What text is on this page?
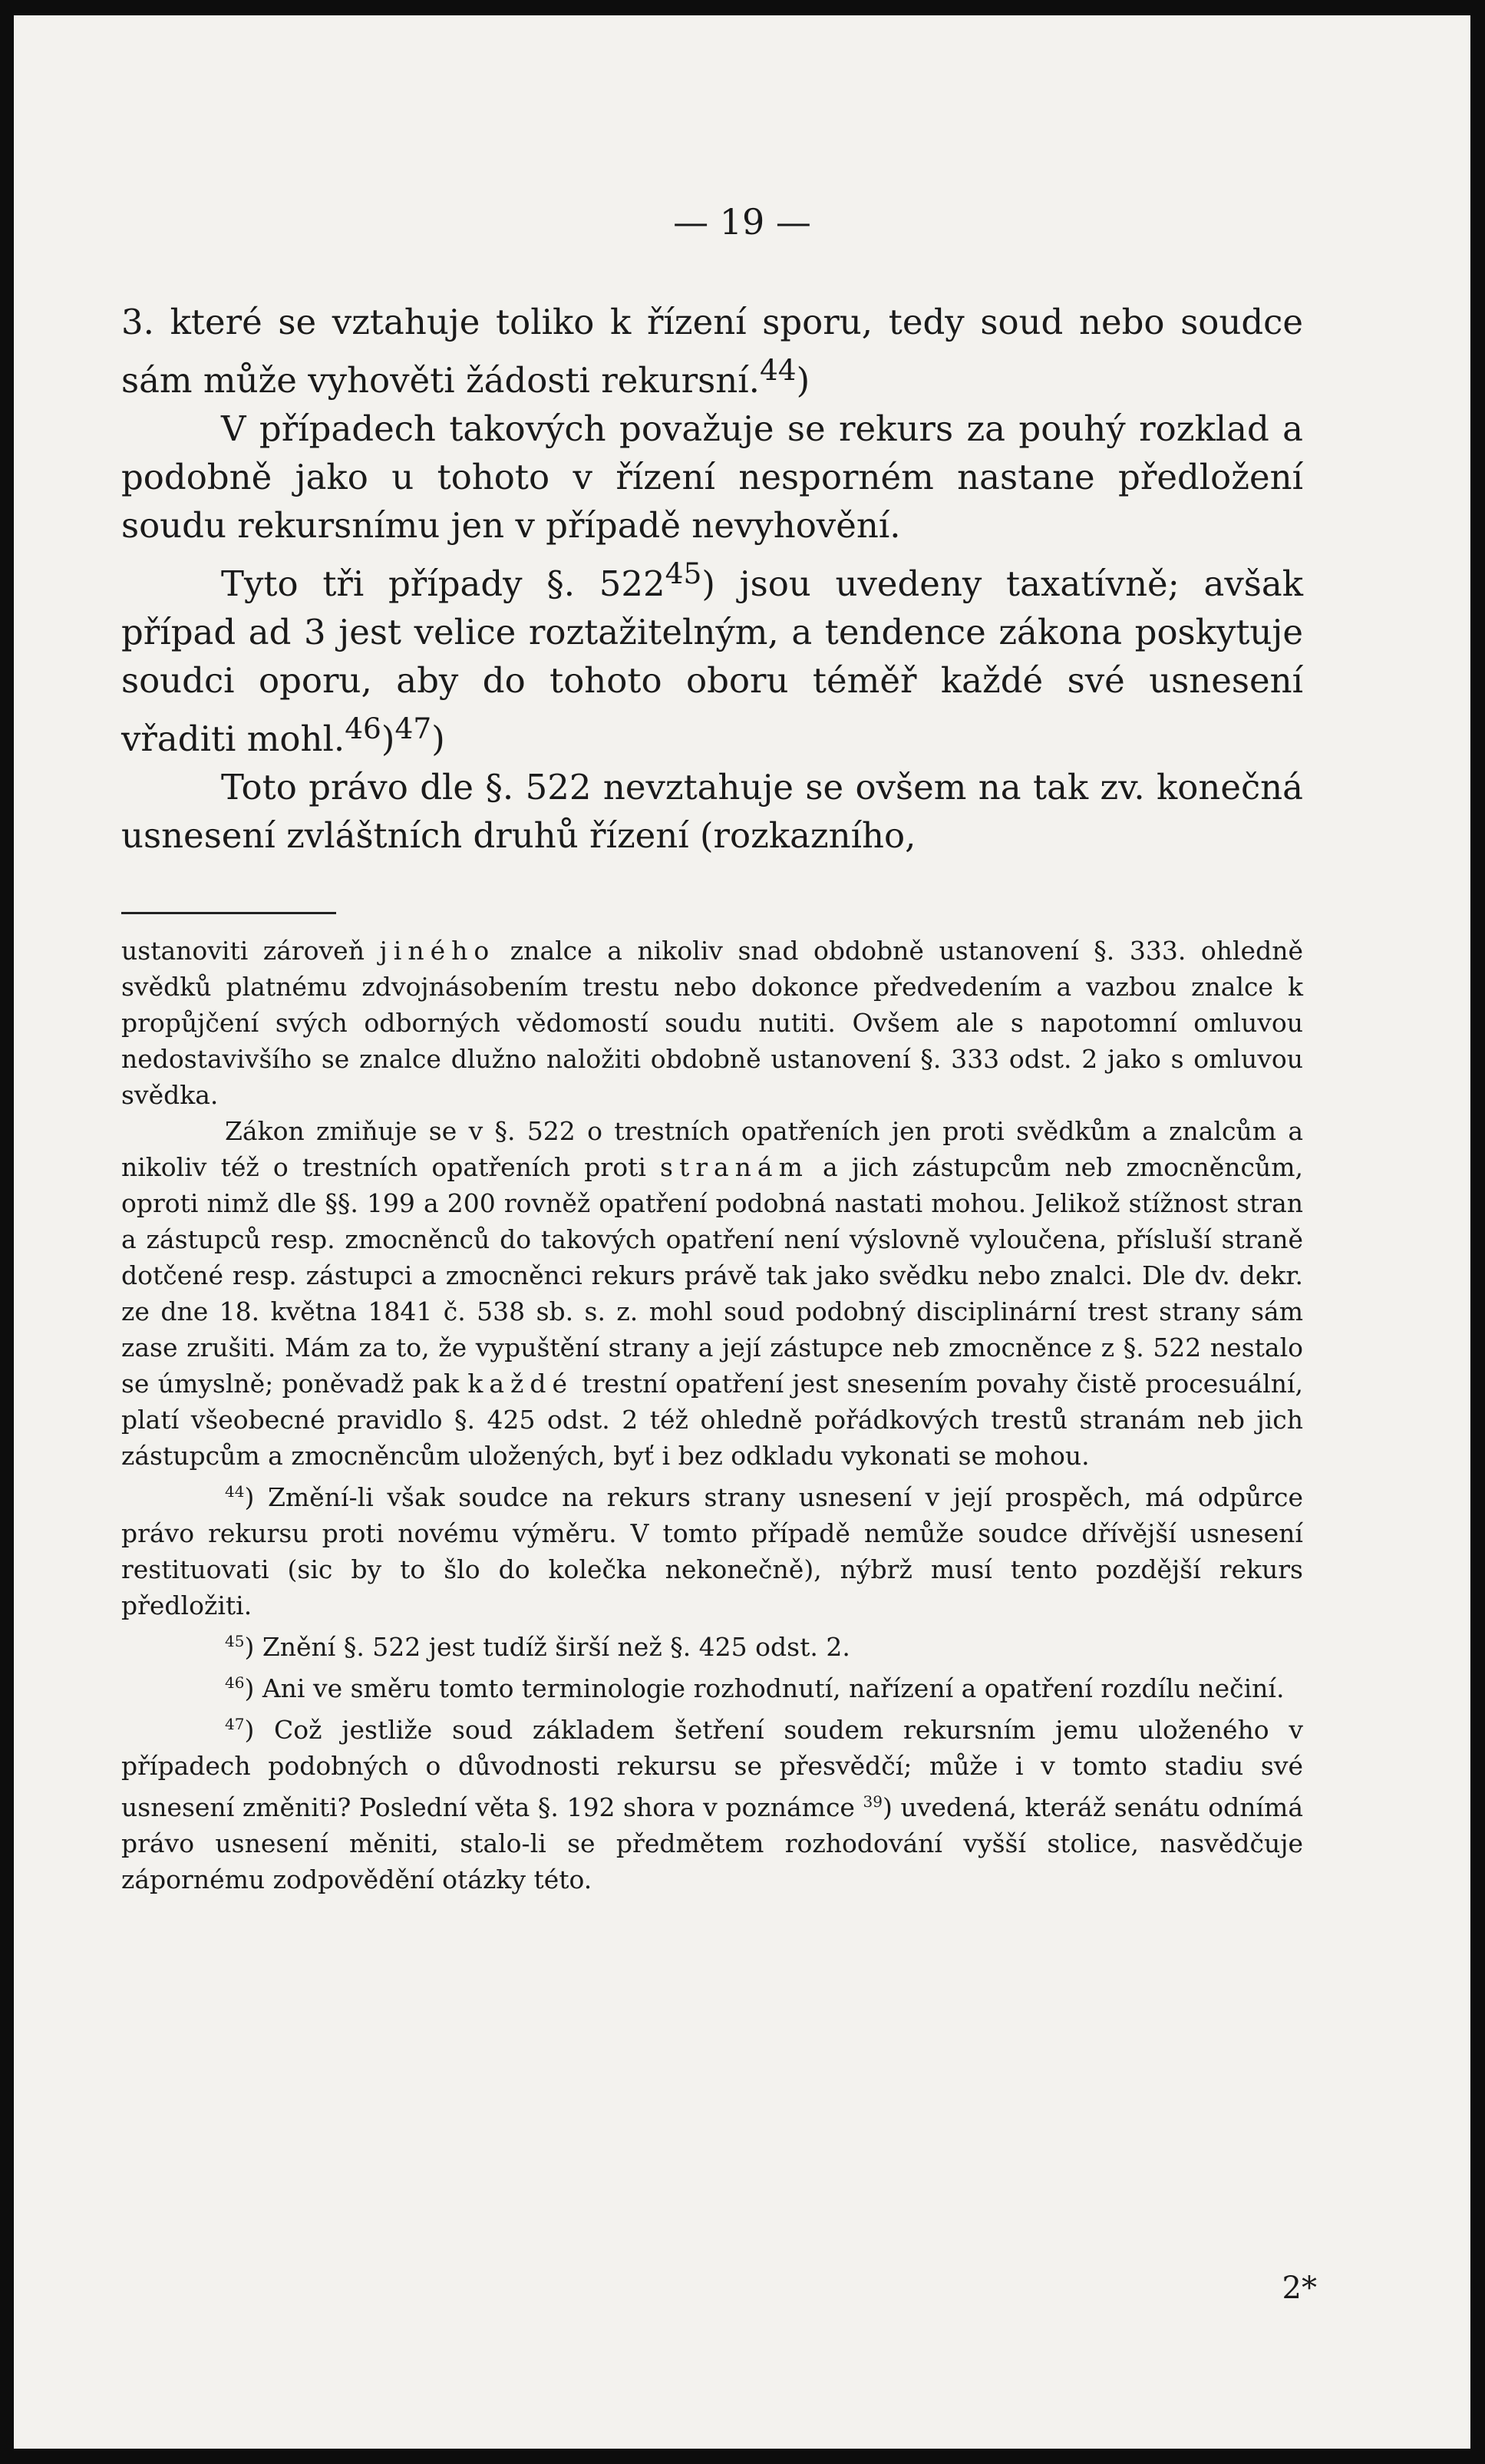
— 19 —

3. které se vztahuje toliko k řízení sporu, tedy soud nebo soudce sám může vyhověti žádosti rekursní.$^{44}$)

V případech takových považuje se rekurs za pouhý rozklad a podobně jako u tohoto v řízení nesporném nastane předložení soudu rekursnímu jen v případě nevyhovění.

Tyto tři případy §. $522^{45}$) jsou uvedeny taxatívně; avšak případ ad 3 jest velice roztažitelným, a tendence zákona poskytuje soudci oporu, aby do tohoto oboru téměř každé své usnesení vřaditi mohl.$^{46}$)$^{47}$)

Toto právo dle §. 522 nevztahuje se ovšem na tak zv. konečná usnesení zvláštních druhů řízení (rozkazního,

ustanoviti zároveň jiného znalce a nikoliv snad obdobně ustanovení §. 333. ohledně svědků platnému zdvojnásobením trestu nebo dokonce předvedením a vazbou znalce k propůjčení svých odborných vědomostí soudu nutiti. Ovšem ale s napotomní omluvou nedostavivšího se znalce dlužno naložiti obdobně ustanovení §. 333 odst. 2 jako s omluvou svědka.

Zákon zmiňuje se v §. 522 o trestních opatřeních jen proti svědkům a znalcům a nikoliv též o trestních opatřeních proti stranám a jich zástupcům neb zmocněncům, oproti nimž dle §§. 199 a 200 rovněž opatření podobná nastati mohou. Jelikož stížnost stran a zástupců resp. zmocněnců do takových opatření není výslovně vyloučena, přísluší straně dotčené resp. zástupci a zmocněnci rekurs právě tak jako svědku nebo znalci. Dle dv. dekr. ze dne 18. května 1841 č. 538 sb. s. z. mohl soud podobný disciplinární trest strany sám zase zrušiti. Mám za to, že vypuštění strany a její zástupce neb zmocněnce z §. 522 nestalo se úmyslně; poněvadž pak každé trestní opatření jest snesením povahy čistě procesuální, platí všeobecné pravidlo §. 425 odst. 2 též ohledně pořádkových trestů stranám neb jich zástupcům a zmocněncům uložených, byť i bez odkladu vykonati se mohou.

$^{44}$) Změní-li však soudce na rekurs strany usnesení v její prospěch, má odpůrce právo rekursu proti novému výměru. V tomto případě nemůže soudce dřívější usnesení restituovati (sic by to šlo do kolečka nekonečně), nýbrž musí tento pozdější rekurs předložiti.

$^{45}$) Znění §. 522 jest tudíž širší než §. 425 odst. 2.

$^{46}$) Ani ve směru tomto terminologie rozhodnutí, nařízení a opatření rozdílu nečiní.

$^{47}$) Což jestliže soud základem šetření soudem rekursním jemu uloženého v případech podobných o důvodnosti rekursu se přesvědčí; může i v tomto stadiu své usnesení změniti? Poslední věta §. 192 shora v poznámce $^{39}$) uvedená, kteráž senátu odnímá právo usnesení měniti, stalo-li se předmětem rozhodování vyšší stolice, nasvědčuje zápornému zodpovědění otázky této.

2*
